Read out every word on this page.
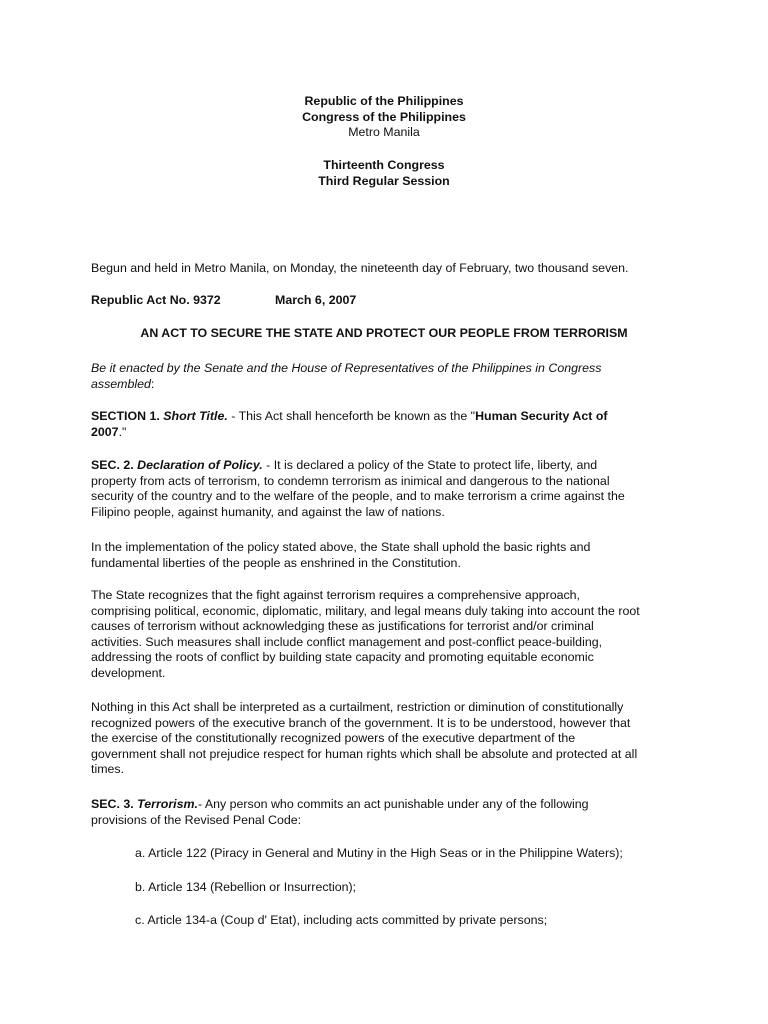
Republic of the Philippines
Congress of the Philippines
Metro Manila
Thirteenth Congress
Third Regular Session
Begun and held in Metro Manila, on Monday, the nineteenth day of February, two thousand seven.
Republic Act No. 9372	March 6, 2007
AN ACT TO SECURE THE STATE AND PROTECT OUR PEOPLE FROM TERRORISM
Be it enacted by the Senate and the House of Representatives of the Philippines in Congress
assembled:
SECTION 1. Short Title. - This Act shall henceforth be known as the "Human Security Act of
2007."
SEC. 2. Declaration of Policy. - It is declared a policy of the State to protect life, liberty, and
property from acts of terrorism, to condemn terrorism as inimical and dangerous to the national
security of the country and to the welfare of the people, and to make terrorism a crime against the
Filipino people, against humanity, and against the law of nations.
In the implementation of the policy stated above, the State shall uphold the basic rights and
fundamental liberties of the people as enshrined in the Constitution.
The State recognizes that the fight against terrorism requires a comprehensive approach,
comprising political, economic, diplomatic, military, and legal means duly taking into account the root
causes of terrorism without acknowledging these as justifications for terrorist and/or criminal
activities. Such measures shall include conflict management and post-conflict peace-building,
addressing the roots of conflict by building state capacity and promoting equitable economic
development.
Nothing in this Act shall be interpreted as a curtailment, restriction or diminution of constitutionally
recognized powers of the executive branch of the government. It is to be understood, however that
the exercise of the constitutionally recognized powers of the executive department of the
government shall not prejudice respect for human rights which shall be absolute and protected at all
times.
SEC. 3. Terrorism.- Any person who commits an act punishable under any of the following
provisions of the Revised Penal Code:
a. Article 122 (Piracy in General and Mutiny in the High Seas or in the Philippine Waters);
b. Article 134 (Rebellion or Insurrection);
c. Article 134-a (Coup d' Etat), including acts committed by private persons;
